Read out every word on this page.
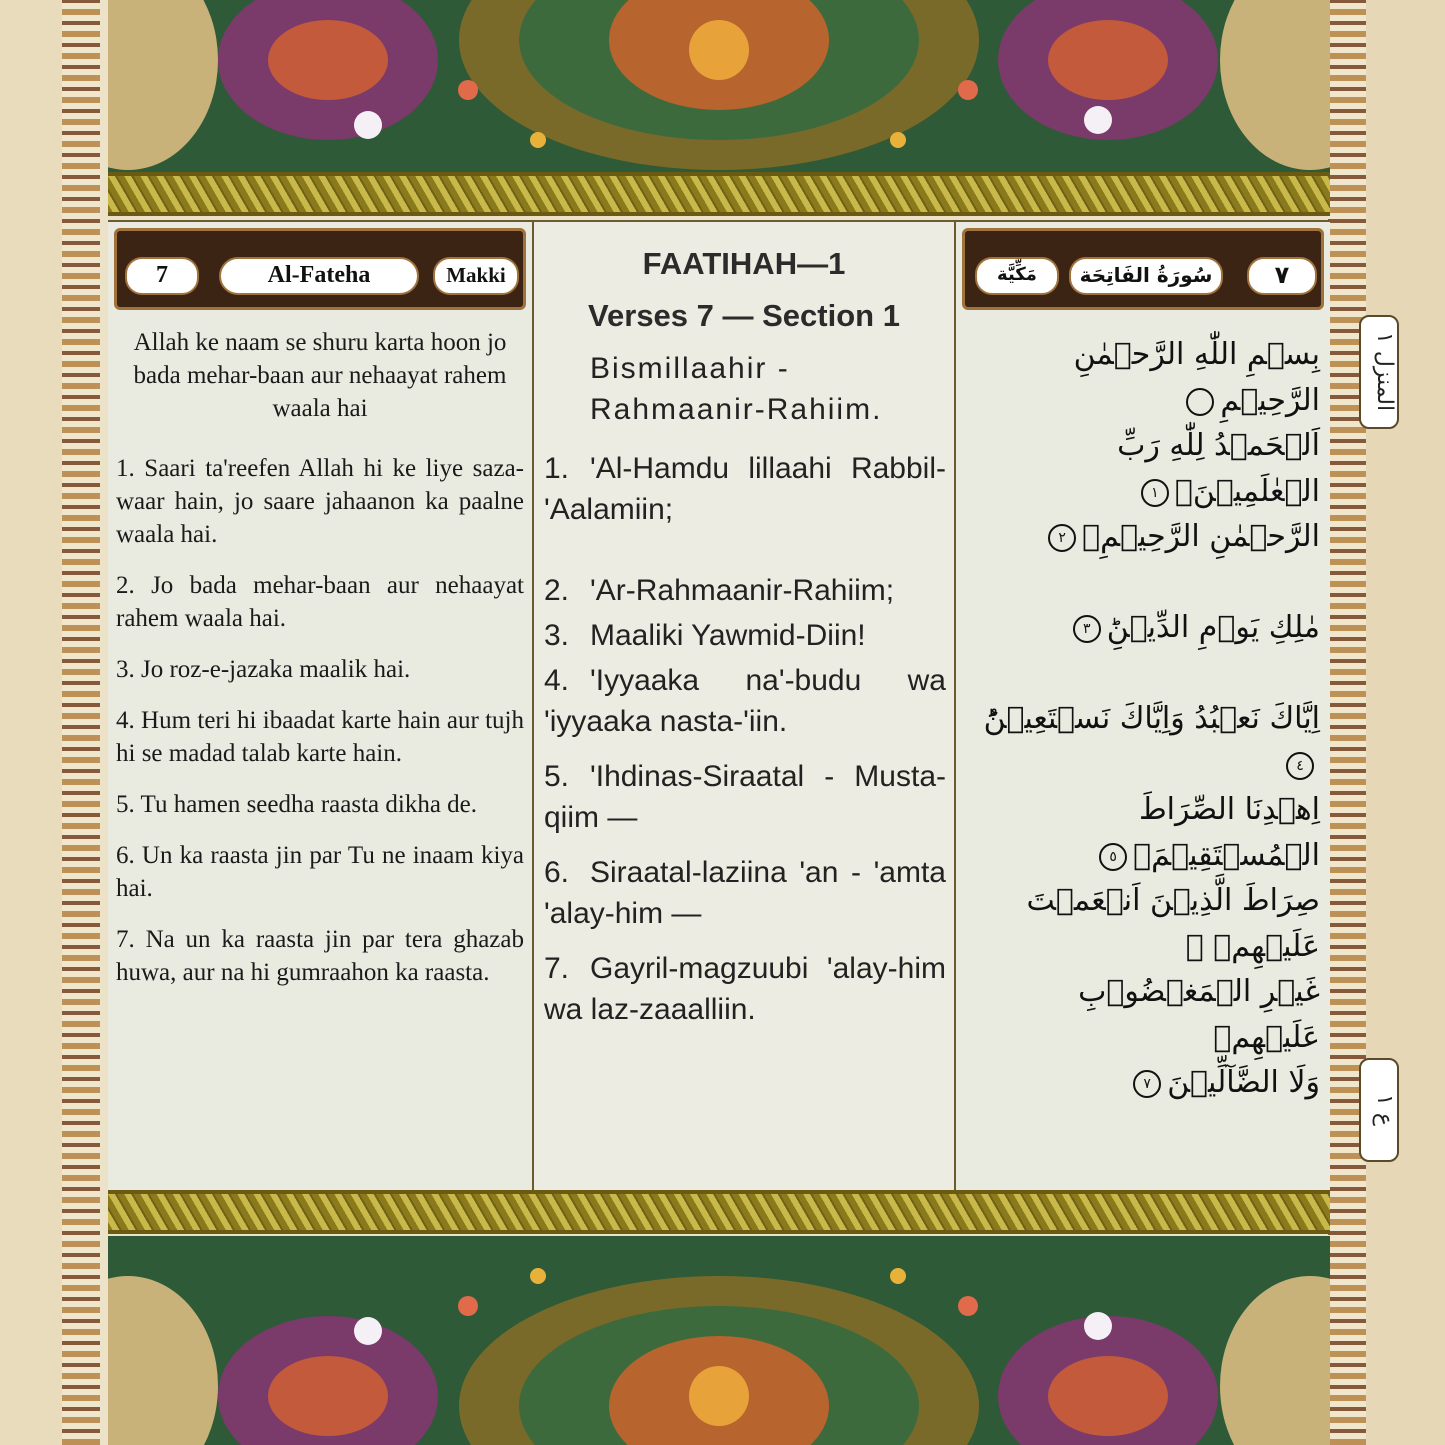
7	Al-Fateha	Makki
Allah ke naam se shuru karta hoon jo bada mehar-baan aur nehaayat rahem waala hai
1. Saari ta'reefen Allah hi ke liye saza-waar hain, jo saare jahaanon ka paalne waala hai.
2. Jo bada mehar-baan aur nehaayat rahem waala hai.
3. Jo roz-e-jazaka maalik hai.
4. Hum teri hi ibaadat karte hain aur tujh hi se madad talab karte hain.
5. Tu hamen seedha raasta dikha de.
6. Un ka raasta jin par Tu ne inaam kiya hai.
7. Na un ka raasta jin par tera ghazab huwa, aur na hi gumraahon ka raasta.
FAATIHAH—1
Verses 7 — Section 1
Bismillaahir - Rahmaanir-Rahiim.
1. 'Al-Hamdu lillaahi Rabbil-'Aalamiin;
2. 'Ar-Rahmaanir-Rahiim;
3. Maaliki Yawmid-Diin!
4. 'Iyyaaka na'-budu wa 'iyyaaka nasta-'iin.
5. 'Ihdinas-Siraatal - Musta-qiim —
6. Siraatal-laziina 'an - 'amta 'alay-him —
7. Gayril-magzuubi 'alay-him wa laz-zaaalliin.
مَكِّيَّة	سُورَةُ الفَاتِحَة	٧
بِسۡمِ اللّٰهِ الرَّحۡمٰنِ الرَّحِيۡمِ
اَلۡحَمۡدُ لِلّٰهِ رَبِّ الۡعٰلَمِيۡنَۙ١
الرَّحۡمٰنِ الرَّحِيۡمِۙ٢
مٰلِكِ يَوۡمِ الدِّيۡنِؕ٣
اِيَّاكَ نَعۡبُدُ وَاِيَّاكَ نَسۡتَعِيۡنُؕ٤
اِهۡدِنَا الصِّرَاطَ الۡمُسۡتَقِيۡمَۙ٥
صِرَاطَ الَّذِيۡنَ اَنۡعَمۡتَ عَلَيۡهِمۡ ۙ
غَيۡرِ الۡمَغۡضُوۡبِ عَلَيۡهِمۡ
وَلَا الضَّآلِّيۡنَ٧
المنزل ١
ع ١
